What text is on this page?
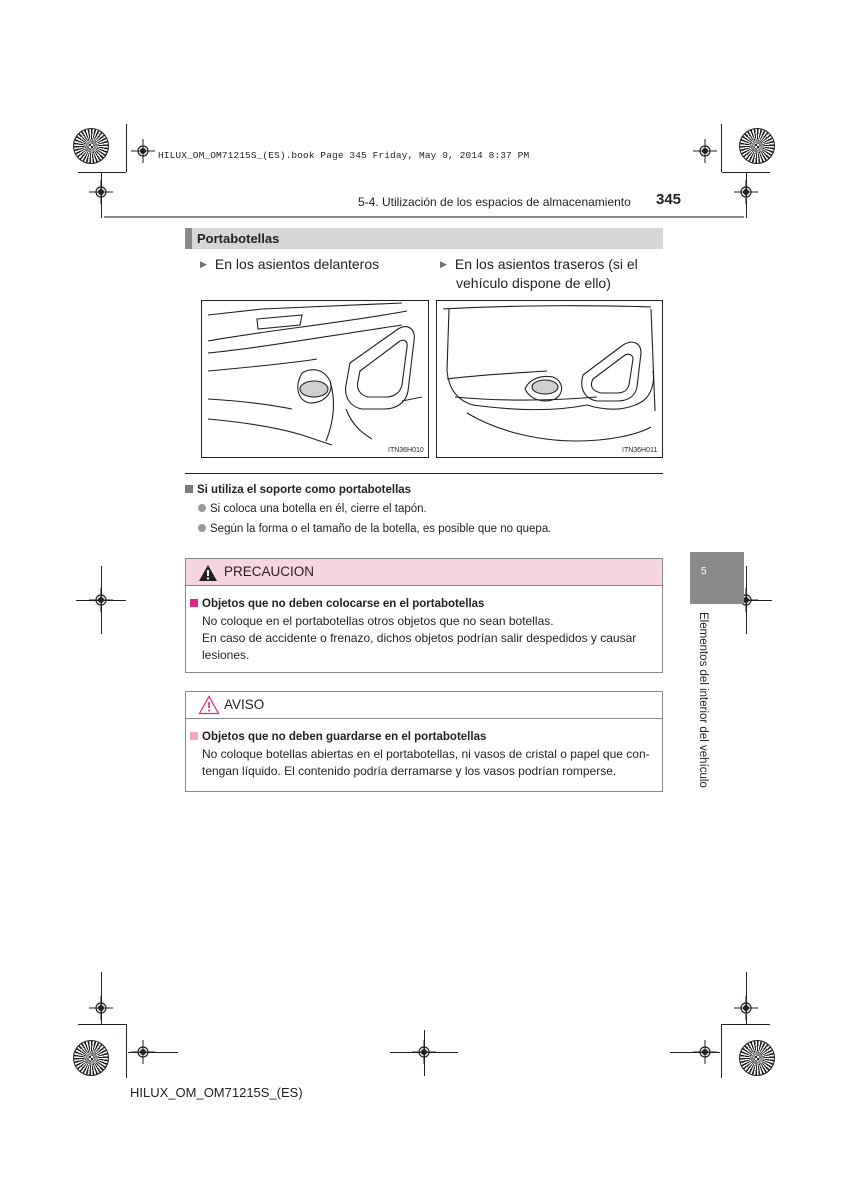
HILUX_OM_OM71215S_(ES).book Page 345 Friday, May 9, 2014 8:37 PM
5-4. Utilización de los espacios de almacenamiento 345
Portabotellas
▶ En los asientos delanteros	▶ En los asientos traseros (si el
vehículo dispone de ello)
ITN36H010	ITN36H011
Si utiliza el soporte como portabotellas
Si coloca una botella en él, cierre el tapón.
Según la forma o el tamaño de la botella, es posible que no quepa.
PRECAUCION
Objetos que no deben colocarse en el portabotellas
No coloque en el portabotellas otros objetos que no sean botellas.
En caso de accidente o frenazo, dichos objetos podrían salir despedidos y causar
lesiones.
AVISO
Objetos que no deben guardarse en el portabotellas
No coloque botellas abiertas en el portabotellas, ni vasos de cristal o papel que con-
tengan líquido. El contenido podría derramarse y los vasos podrían romperse.
5
Elementos del interior del vehículo
HILUX_OM_OM71215S_(ES)
